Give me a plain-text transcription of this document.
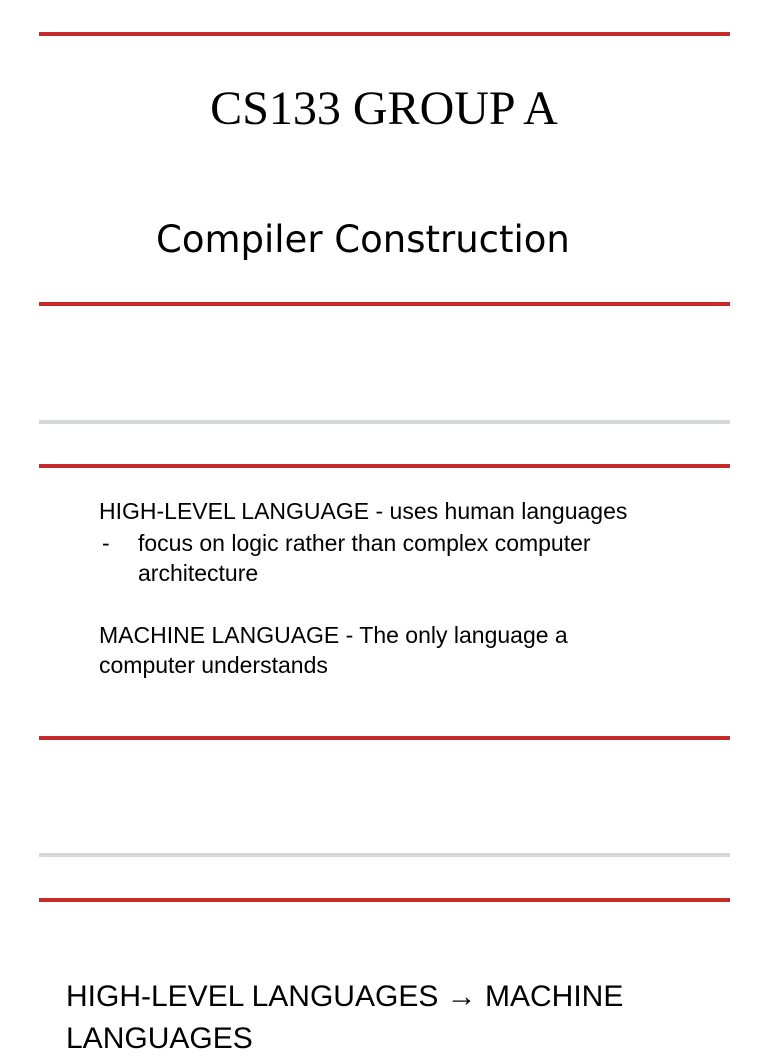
CS133 GROUP A
Compiler Construction
HIGH-LEVEL LANGUAGE - uses human languages
- focus on logic rather than complex computer
architecture
MACHINE LANGUAGE - The only language a
computer understands
HIGH-LEVEL LANGUAGES → MACHINE
LANGUAGES
